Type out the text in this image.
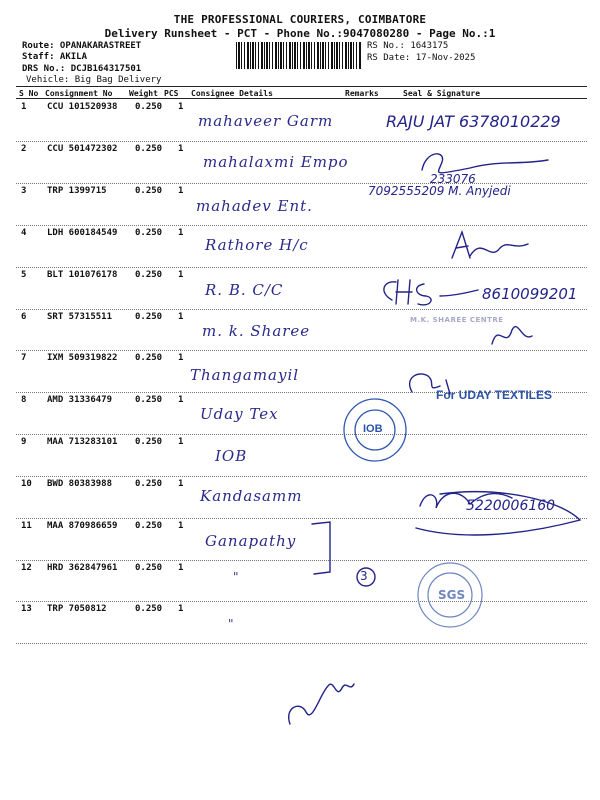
THE PROFESSIONAL COURIERS, COIMBATORE
Delivery Runsheet - PCT - Phone No.:9047080280 - Page No.:1
Route: OPANAKARASTREET
Staff: AKILA
DRS No.: DCJB164317501
Vehicle: Big Bag Delivery
RS No.: 1643175
RS Date: 17-Nov-2025
S No Consignment No Weight PCS Consignee Details	Remarks	Seal & Signature
1 CCU 101520938 0.250 1
mahaveer Garm	RAJU JAT 6378010229
2 CCU 501472302 0.250 1
mahalaxmi Empo
233076
3 TRP 1399715	0.250 1
mahadev Ent.
7092555209 M. Anyjedi
4 LDH 600184549 0.250 1
Rathore H/c
5 BLT 101076178 0.250 1
R. B. C/C	8610099201
6 SRT 57315511	0.250 1
m. k. Sharee
M.K. SHAREE CENTRE
7 IXM 509319822 0.250 1
Thangamayil
8 AMD 31336479	0.250 1
Uday Tex
For UDAY TEXTILES
9 MAA 713283101 0.250 1
IOB
10 BWD 80383988	0.250 1
Kandasamm
5220006160
11 MAA 870986659 0.250 1
Ganapathy
12 HRD 362847961 0.250 1
"
13 TRP 7050812	0.250 1
"
IOB
SGS
3
